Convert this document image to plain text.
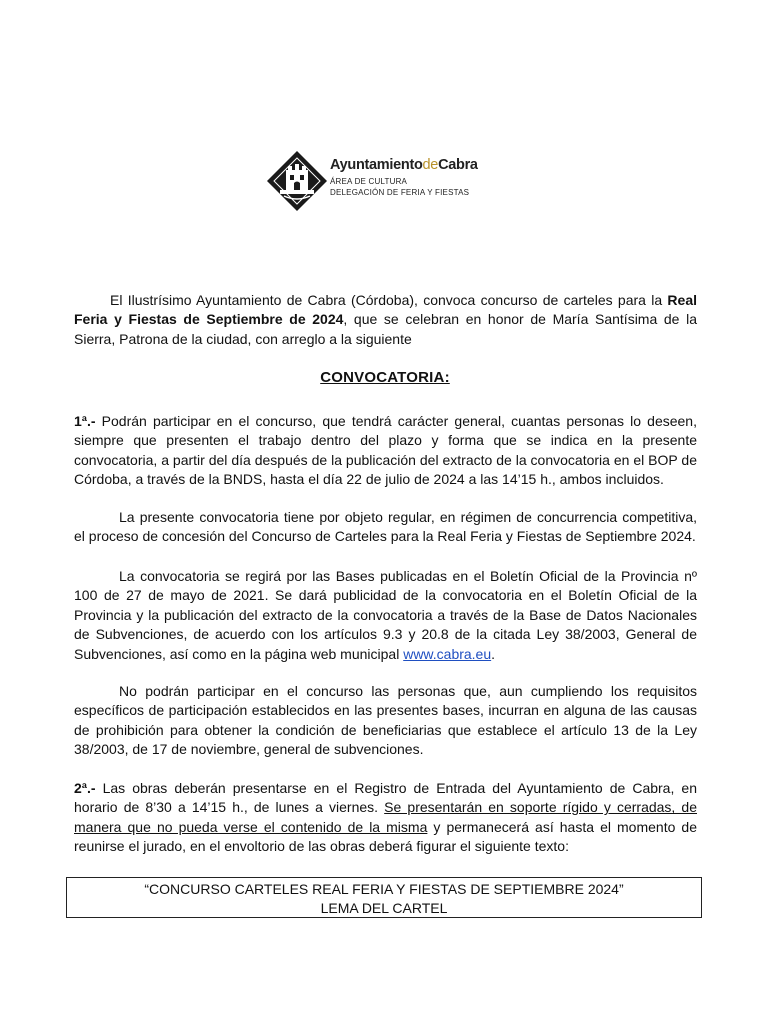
AyuntamientodeCabra
ÁREA DE CULTURA
DELEGACIÓN DE FERIA Y FIESTAS
El Ilustrísimo Ayuntamiento de Cabra (Córdoba), convoca concurso de carteles para la Real Feria y Fiestas de Septiembre de 2024, que se celebran en honor de María Santísima de la Sierra, Patrona de la ciudad, con arreglo a la siguiente
CONVOCATORIA:
1ª.- Podrán participar en el concurso, que tendrá carácter general, cuantas personas lo deseen, siempre que presenten el trabajo dentro del plazo y forma que se indica en la presente convocatoria, a partir del día después de la publicación del extracto de la convocatoria en el BOP de Córdoba, a través de la BNDS, hasta el día 22 de julio de 2024 a las 14’15 h., ambos incluidos.
La presente convocatoria tiene por objeto regular, en régimen de concurrencia competitiva, el proceso de concesión del Concurso de Carteles para la Real Feria y Fiestas de Septiembre 2024.
La convocatoria se regirá por las Bases publicadas en el Boletín Oficial de la Provincia nº 100 de 27 de mayo de 2021. Se dará publicidad de la convocatoria en el Boletín Oficial de la Provincia y la publicación del extracto de la convocatoria a través de la Base de Datos Nacionales de Subvenciones, de acuerdo con los artículos 9.3 y 20.8 de la citada Ley 38/2003, General de Subvenciones, así como en la página web municipal www.cabra.eu.
No podrán participar en el concurso las personas que, aun cumpliendo los requisitos específicos de participación establecidos en las presentes bases, incurran en alguna de las causas de prohibición para obtener la condición de beneficiarias que establece el artículo 13 de la Ley 38/2003, de 17 de noviembre, general de subvenciones.
2ª.- Las obras deberán presentarse en el Registro de Entrada del Ayuntamiento de Cabra, en horario de 8’30 a 14’15 h., de lunes a viernes. Se presentarán en soporte rígido y cerradas, de manera que no pueda verse el contenido de la misma y permanecerá así hasta el momento de reunirse el jurado, en el envoltorio de las obras deberá figurar el siguiente texto:
“CONCURSO CARTELES REAL FERIA Y FIESTAS DE SEPTIEMBRE 2024”
LEMA DEL CARTEL
